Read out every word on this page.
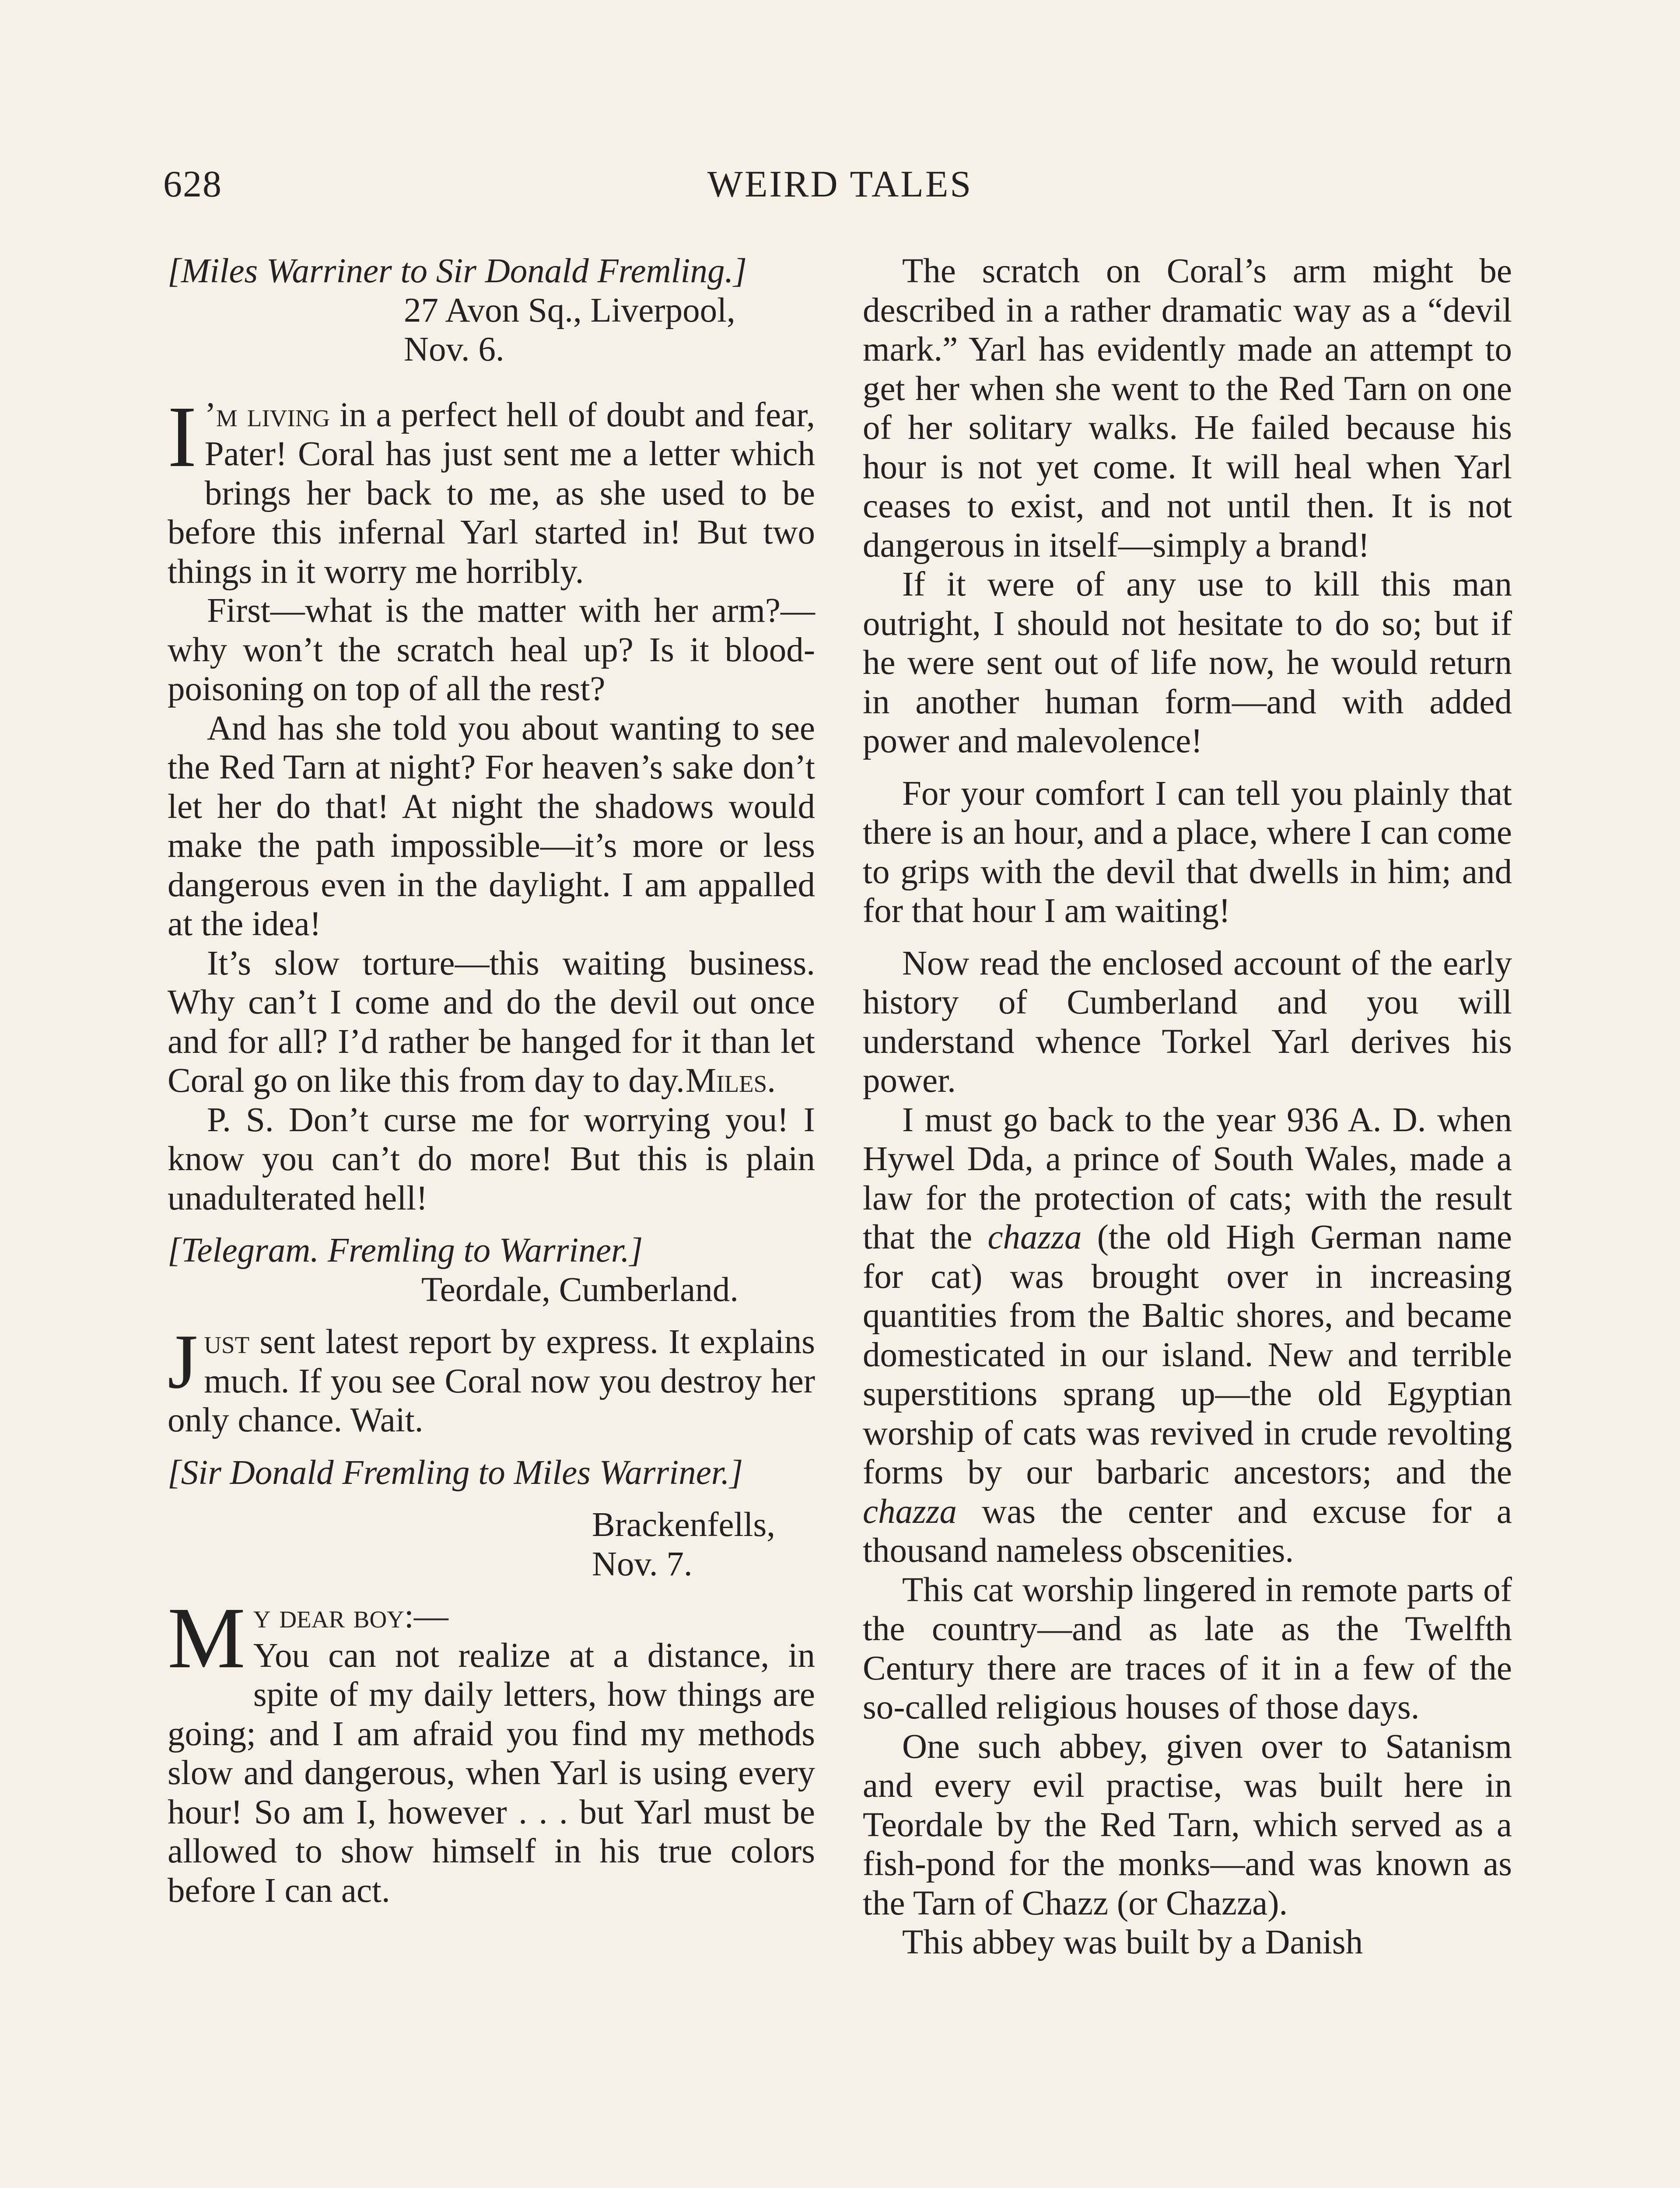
628	WEIRD TALES

[Miles Warriner to Sir Donald Fremling.]

27 Avon Sq., Liverpool,

Nov. 6.

I ’m living in a perfect hell of doubt and fear, Pater! Coral has just sent me a letter which brings her back to me, as she used to be before this infernal Yarl started in! But two things in it worry me horribly.

First—what is the matter with her arm?—why won’t the scratch heal up? Is it blood-poisoning on top of all the rest?

And has she told you about wanting to see the Red Tarn at night? For heaven’s sake don’t let her do that! At night the shadows would make the path impossible—it’s more or less dangerous even in the daylight. I am appalled at the idea!

It’s slow torture—this waiting business. Why can’t I come and do the devil out once and for all? I’d rather be hanged for it than let Coral go on like this from day to day. Miles.

P. S. Don’t curse me for worrying you! I know you can’t do more! But this is plain unadulterated hell!

[Telegram. Fremling to Warriner.]

Teordale, Cumberland.

Just sent latest report by express. It explains much. If you see Coral now you destroy her only chance. Wait.

[Sir Donald Fremling to Miles Warriner.]

Brackenfells,

Nov. 7.

My dear boy:—
You can not realize at a distance, in spite of my daily letters, how things are going; and I am afraid you find my methods slow and dangerous, when Yarl is using every hour! So am I, however . . . but Yarl must be allowed to show himself in his true colors before I can act.

The scratch on Coral’s arm might be described in a rather dramatic way as a “devil mark.” Yarl has evidently made an attempt to get her when she went to the Red Tarn on one of her solitary walks. He failed because his hour is not yet come. It will heal when Yarl ceases to exist, and not until then. It is not dangerous in itself—simply a brand!

If it were of any use to kill this man outright, I should not hesitate to do so; but if he were sent out of life now, he would return in another human form—and with added power and malevolence!

For your comfort I can tell you plainly that there is an hour, and a place, where I can come to grips with the devil that dwells in him; and for that hour I am waiting!

Now read the enclosed account of the early history of Cumberland and you will understand whence Torkel Yarl derives his power.

I must go back to the year 936 A. D. when Hywel Dda, a prince of South Wales, made a law for the protection of cats; with the result that the chazza (the old High German name for cat) was brought over in increasing quantities from the Baltic shores, and became domesticated in our island. New and terrible superstitions sprang up—the old Egyptian worship of cats was revived in crude revolting forms by our barbaric ancestors; and the chazza was the center and excuse for a thousand nameless obscenities.

This cat worship lingered in remote parts of the country—and as late as the Twelfth Century there are traces of it in a few of the so-called religious houses of those days.

One such abbey, given over to Satanism and every evil practise, was built here in Teordale by the Red Tarn, which served as a fish-pond for the monks—and was known as the Tarn of Chazz (or Chazza).

This abbey was built by a Danish
